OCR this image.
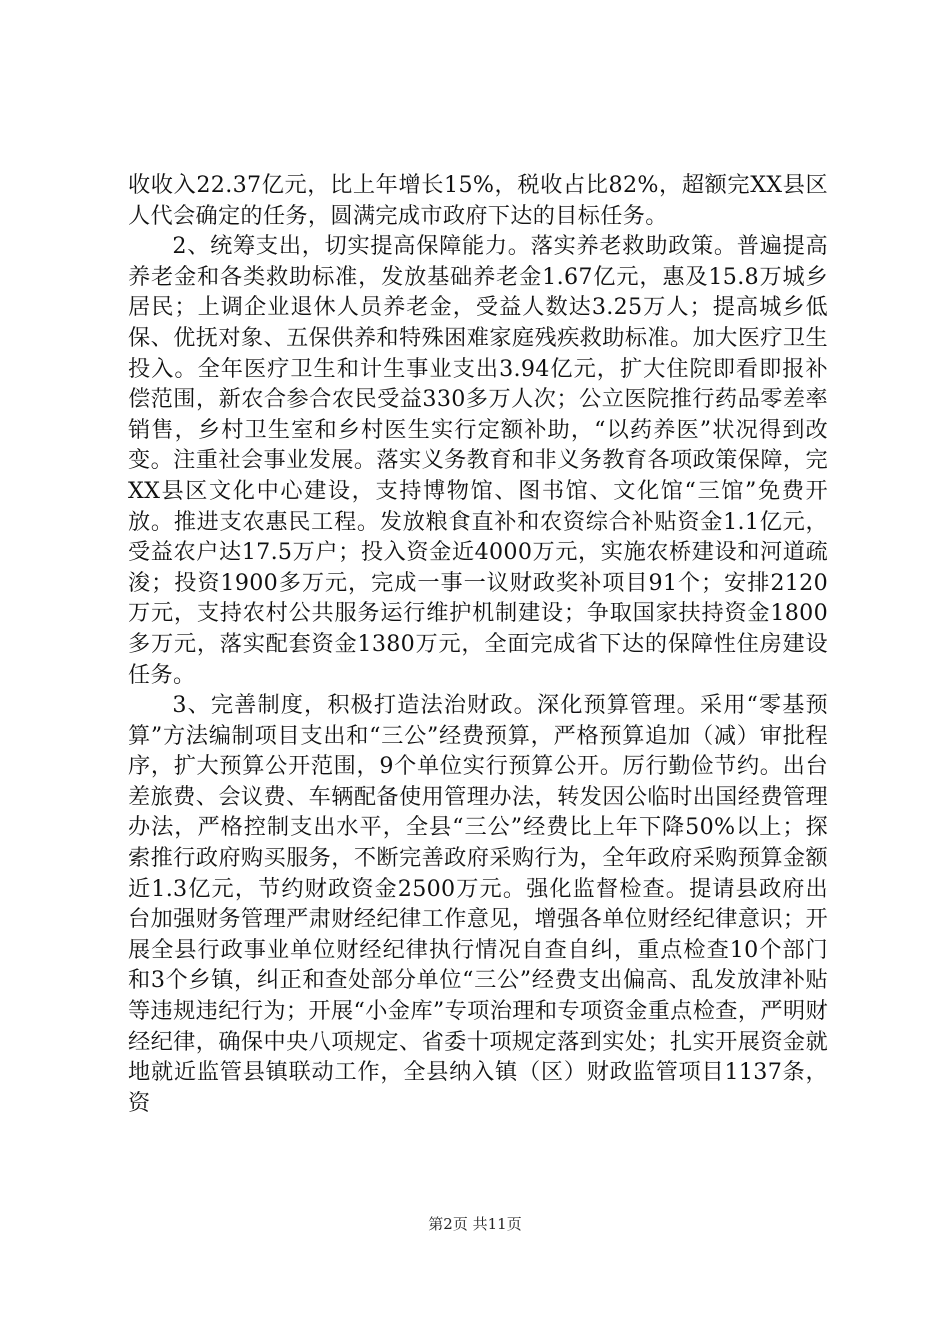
收收入22.37亿元，比上年增长15%，税收占比82%，超额完XX县区人代会确定的任务，圆满完成市政府下达的目标任务。

2、统筹支出，切实提高保障能力。落实养老救助政策。普遍提高养老金和各类救助标准，发放基础养老金1.67亿元，惠及15.8万城乡居民；上调企业退休人员养老金，受益人数达3.25万人；提高城乡低保、优抚对象、五保供养和特殊困难家庭残疾救助标准。加大医疗卫生投入。全年医疗卫生和计生事业支出3.94亿元，扩大住院即看即报补偿范围，新农合参合农民受益330多万人次；公立医院推行药品零差率销售，乡村卫生室和乡村医生实行定额补助，“以药养医”状况得到改变。注重社会事业发展。落实义务教育和非义务教育各项政策保障，完XX县区文化中心建设，支持博物馆、图书馆、文化馆“三馆”免费开放。推进支农惠民工程。发放粮食直补和农资综合补贴资金1.1亿元，受益农户达17.5万户；投入资金近4000万元，实施农桥建设和河道疏浚；投资1900多万元，完成一事一议财政奖补项目91个；安排2120万元，支持农村公共服务运行维护机制建设；争取国家扶持资金1800多万元，落实配套资金1380万元，全面完成省下达的保障性住房建设任务。

3、完善制度，积极打造法治财政。深化预算管理。采用“零基预算”方法编制项目支出和“三公”经费预算，严格预算追加（减）审批程序，扩大预算公开范围，9个单位实行预算公开。厉行勤俭节约。出台差旅费、会议费、车辆配备使用管理办法，转发因公临时出国经费管理办法，严格控制支出水平，全县“三公”经费比上年下降50%以上；探索推行政府购买服务，不断完善政府采购行为，全年政府采购预算金额近1.3亿元，节约财政资金2500万元。强化监督检查。提请县政府出台加强财务管理严肃财经纪律工作意见，增强各单位财经纪律意识；开展全县行政事业单位财经纪律执行情况自查自纠，重点检查10个部门和3个乡镇，纠正和查处部分单位“三公”经费支出偏高、乱发放津补贴等违规违纪行为；开展“小金库”专项治理和专项资金重点检查，严明财经纪律，确保中央八项规定、省委十项规定落到实处；扎实开展资金就地就近监管县镇联动工作，全县纳入镇（区）财政监管项目1137条，资

第2页 共11页
